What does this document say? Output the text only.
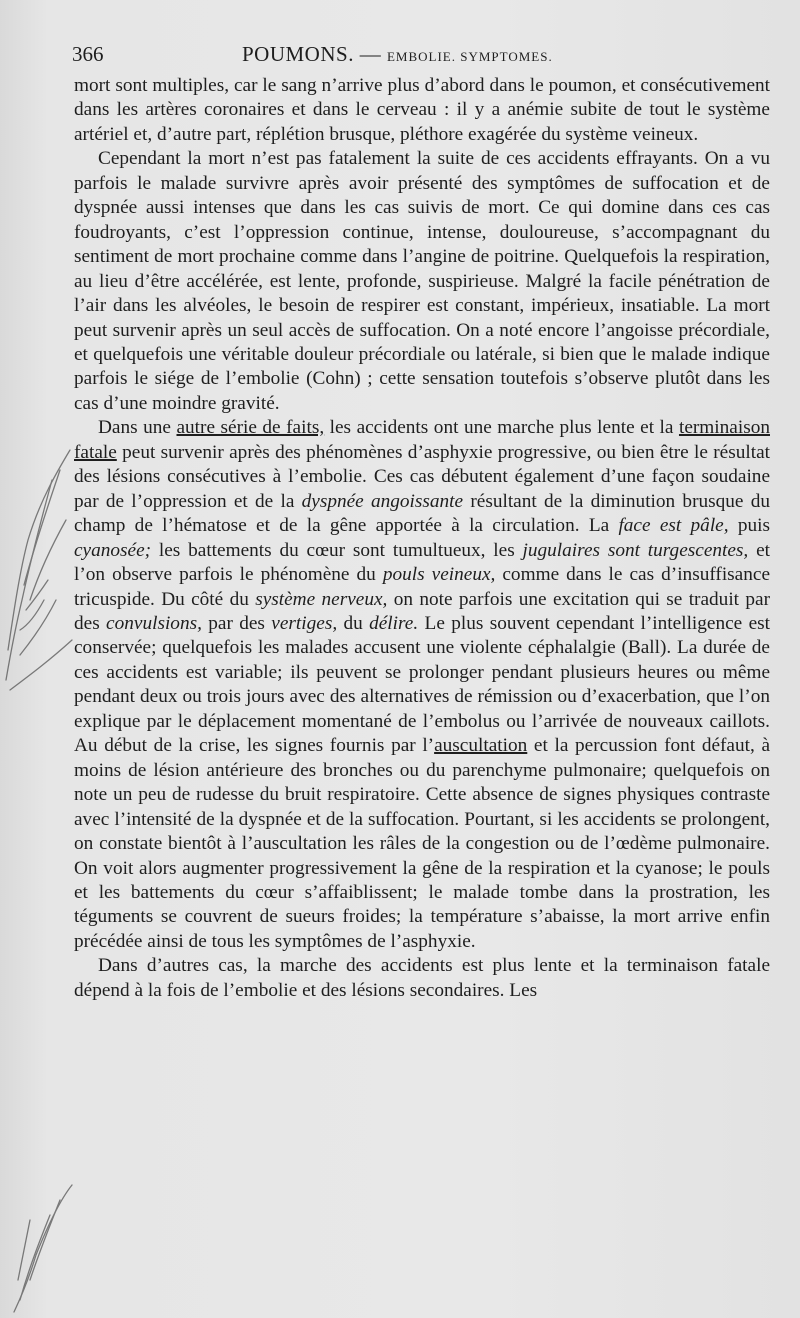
366	POUMONS. — EMBOLIE. SYMPTOMES.

mort sont multiples, car le sang n’arrive plus d’abord dans le poumon, et consécutivement dans les artères coronaires et dans le cerveau : il y a anémie subite de tout le système artériel et, d’autre part, réplétion brusque, pléthore exagérée du système veineux.

Cependant la mort n’est pas fatalement la suite de ces accidents effrayants. On a vu parfois le malade survivre après avoir présenté des symptômes de suffocation et de dyspnée aussi intenses que dans les cas suivis de mort. Ce qui domine dans ces cas foudroyants, c’est l’oppression continue, intense, douloureuse, s’accompagnant du sentiment de mort prochaine comme dans l’angine de poitrine. Quelquefois la respiration, au lieu d’être accélérée, est lente, profonde, suspirieuse. Malgré la facile pénétration de l’air dans les alvéoles, le besoin de respirer est constant, impérieux, insatiable. La mort peut survenir après un seul accès de suffocation. On a noté encore l’angoisse précordiale, et quelquefois une véritable douleur précordiale ou latérale, si bien que le malade indique parfois le siége de l’embolie (Cohn) ; cette sensation toutefois s’observe plutôt dans les cas d’une moindre gravité.

Dans une autre série de faits, les accidents ont une marche plus lente et la terminaison fatale peut survenir après des phénomènes d’asphyxie progressive, ou bien être le résultat des lésions consécutives à l’embolie. Ces cas débutent également d’une façon soudaine par de l’oppression et de la dyspnée angoissante résultant de la diminution brusque du champ de l’hématose et de la gêne apportée à la circulation. La face est pâle, puis cyanosée; les battements du cœur sont tumultueux, les jugulaires sont turgescentes, et l’on observe parfois le phénomène du pouls veineux, comme dans le cas d’insuffisance tricuspide. Du côté du système nerveux, on note parfois une excitation qui se traduit par des convulsions, par des vertiges, du délire. Le plus souvent cependant l’intelligence est conservée; quelquefois les malades accusent une violente céphalalgie (Ball). La durée de ces accidents est variable; ils peuvent se prolonger pendant plusieurs heures ou même pendant deux ou trois jours avec des alternatives de rémission ou d’exacerbation, que l’on explique par le déplacement momentané de l’embolus ou l’arrivée de nouveaux caillots. Au début de la crise, les signes fournis par l’auscultation et la percussion font défaut, à moins de lésion antérieure des bronches ou du parenchyme pulmonaire; quelquefois on note un peu de rudesse du bruit respiratoire. Cette absence de signes physiques contraste avec l’intensité de la dyspnée et de la suffocation. Pourtant, si les accidents se prolongent, on constate bientôt à l’auscultation les râles de la congestion ou de l’œdème pulmonaire. On voit alors augmenter progressivement la gêne de la respiration et la cyanose; le pouls et les battements du cœur s’affaiblissent; le malade tombe dans la prostration, les téguments se couvrent de sueurs froides; la température s’abaisse, la mort arrive enfin précédée ainsi de tous les symptômes de l’asphyxie.

Dans d’autres cas, la marche des accidents est plus lente et la terminaison fatale dépend à la fois de l’embolie et des lésions secondaires. Les
